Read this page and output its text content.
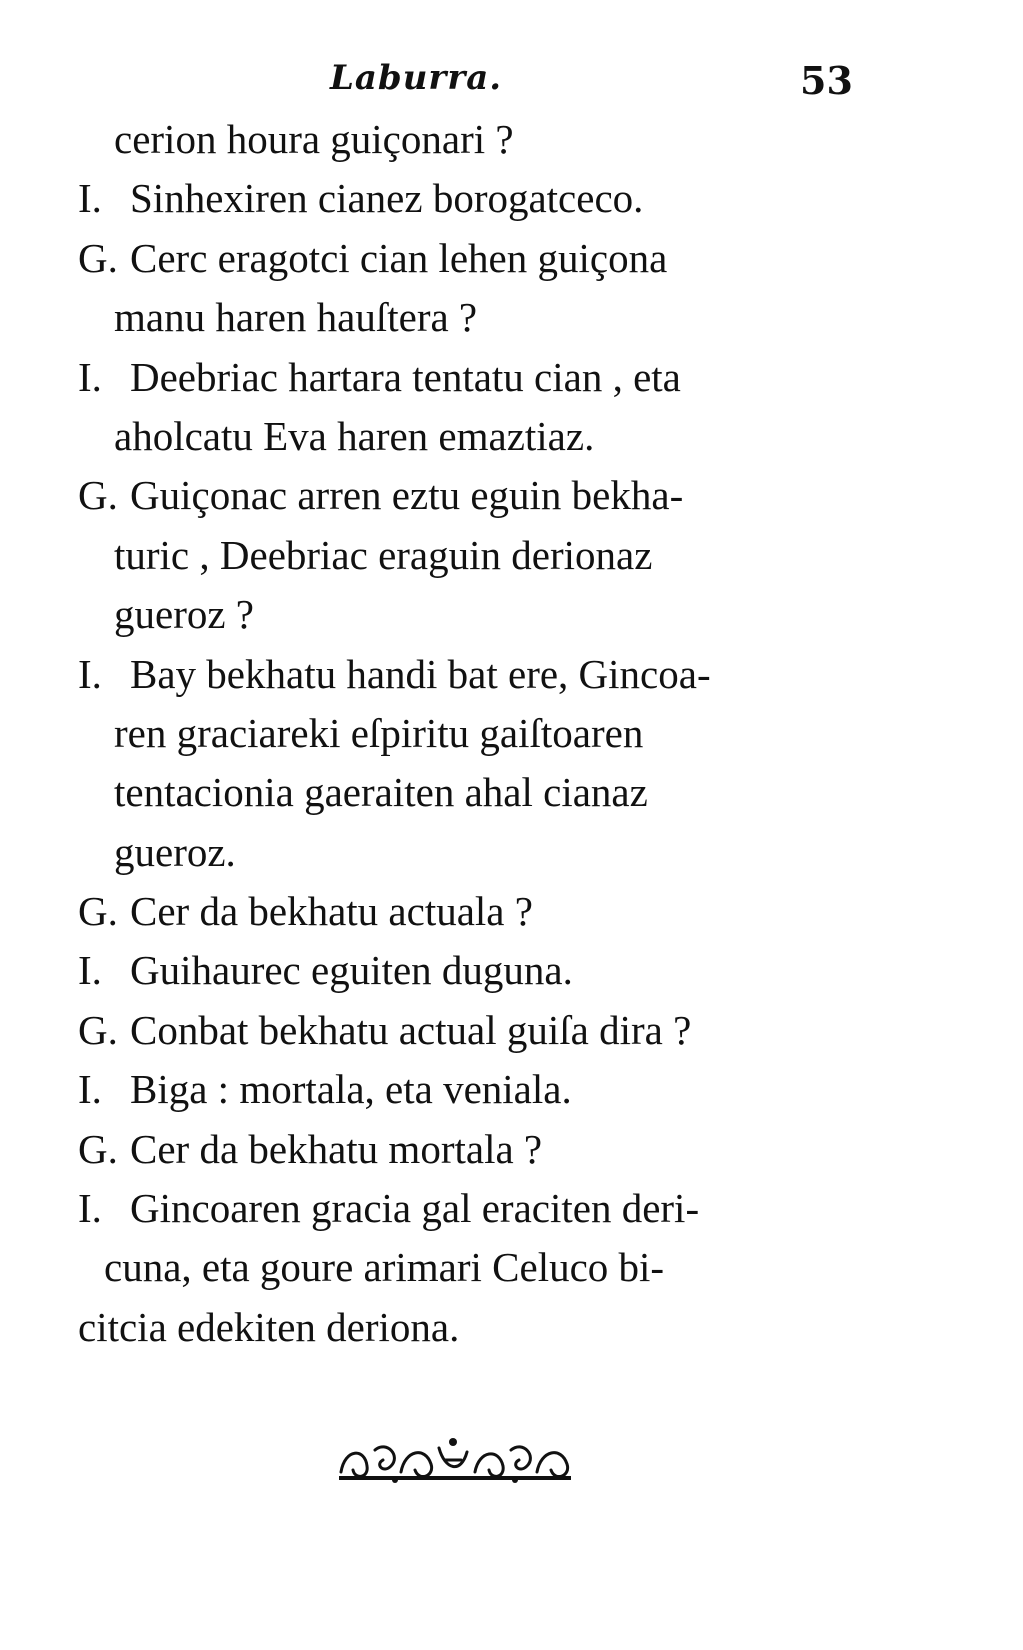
Laburra.	53
cerion houra guiçonari ?
I. Sinhexiren cianez borogatceco.
G. Cerc eragotci cian lehen guiçona
manu haren hauſtera ?
I. Deebriac hartara tentatu cian , eta
aholcatu Eva haren emaztiaz.
G. Guiçonac arren eztu eguin bekha-
turic , Deebriac eraguin derionaz
gueroz ?
I. Bay bekhatu handi bat ere, Gincoa-
ren graciareki eſpiritu gaiſtoaren
tentacionia gaeraiten ahal cianaz
gueroz.
G. Cer da bekhatu actuala ?
I. Guihaurec eguiten duguna.
G. Conbat bekhatu actual guiſa dira ?
I. Biga : mortala, eta veniala.
G. Cer da bekhatu mortala ?
I. Gincoaren gracia gal eraciten deri-
cuna, eta goure arimari Celuco bi-
citcia edekiten deriona.
